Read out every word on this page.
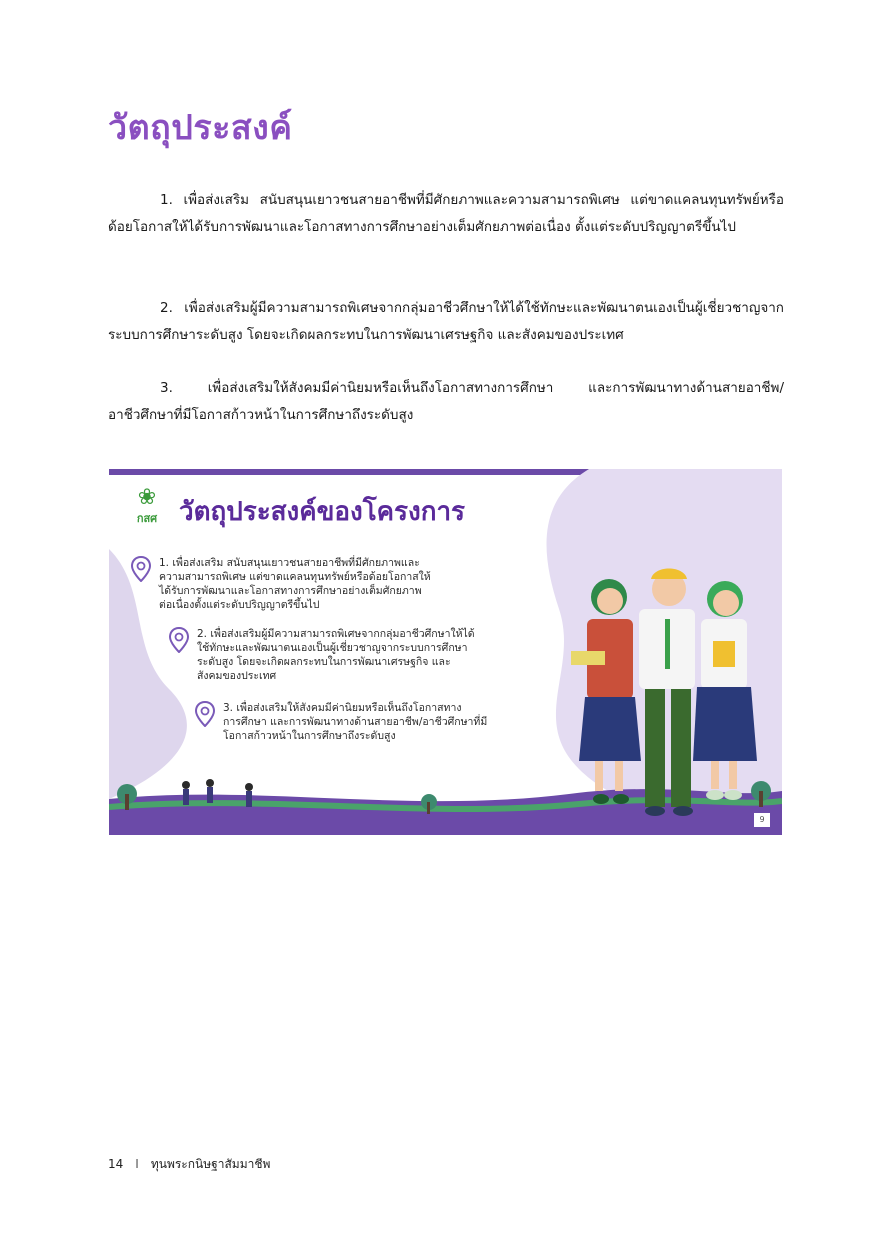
วัตถุประสงค์

1. เพื่อส่งเสริม สนับสนุนเยาวชนสายอาชีพที่มีศักยภาพและความสามารถพิเศษ แต่ขาดแคลนทุนทรัพย์หรือด้อยโอกาสให้ได้รับการพัฒนาและโอกาสทางการศึกษาอย่างเต็มศักยภาพต่อเนื่อง ตั้งแต่ระดับปริญญาตรีขึ้นไป

2. เพื่อส่งเสริมผู้มีความสามารถพิเศษจากกลุ่มอาชีวศึกษาให้ได้ใช้ทักษะและพัฒนาตนเองเป็นผู้เชี่ยวชาญจากระบบการศึกษาระดับสูง โดยจะเกิดผลกระทบในการพัฒนาเศรษฐกิจ และสังคมของประเทศ

3. เพื่อส่งเสริมให้สังคมมีค่านิยมหรือเห็นถึงโอกาสทางการศึกษา และการพัฒนาทางด้านสายอาชีพ/อาชีวศึกษาที่มีโอกาสก้าวหน้าในการศึกษาถึงระดับสูง

❀
กสศ วัตถุประสงค์ของโครงการ
1. เพื่อส่งเสริม สนับสนุนเยาวชนสายอาชีพที่มีศักยภาพและ
ความสามารถพิเศษ แต่ขาดแคลนทุนทรัพย์หรือด้อยโอกาสให้
ได้รับการพัฒนาและโอกาสทางการศึกษาอย่างเต็มศักยภาพ
ต่อเนื่องตั้งแต่ระดับปริญญาตรีขึ้นไป
2. เพื่อส่งเสริมผู้มีความสามารถพิเศษจากกลุ่มอาชีวศึกษาให้ได้
ใช้ทักษะและพัฒนาตนเองเป็นผู้เชี่ยวชาญจากระบบการศึกษา
ระดับสูง โดยจะเกิดผลกระทบในการพัฒนาเศรษฐกิจ และ
สังคมของประเทศ
3. เพื่อส่งเสริมให้สังคมมีค่านิยมหรือเห็นถึงโอกาสทาง
การศึกษา และการพัฒนาทางด้านสายอาชีพ/อาชีวศึกษาที่มี
โอกาสก้าวหน้าในการศึกษาถึงระดับสูง
9
14 I ทุนพระกนิษฐาสัมมาชีพ
